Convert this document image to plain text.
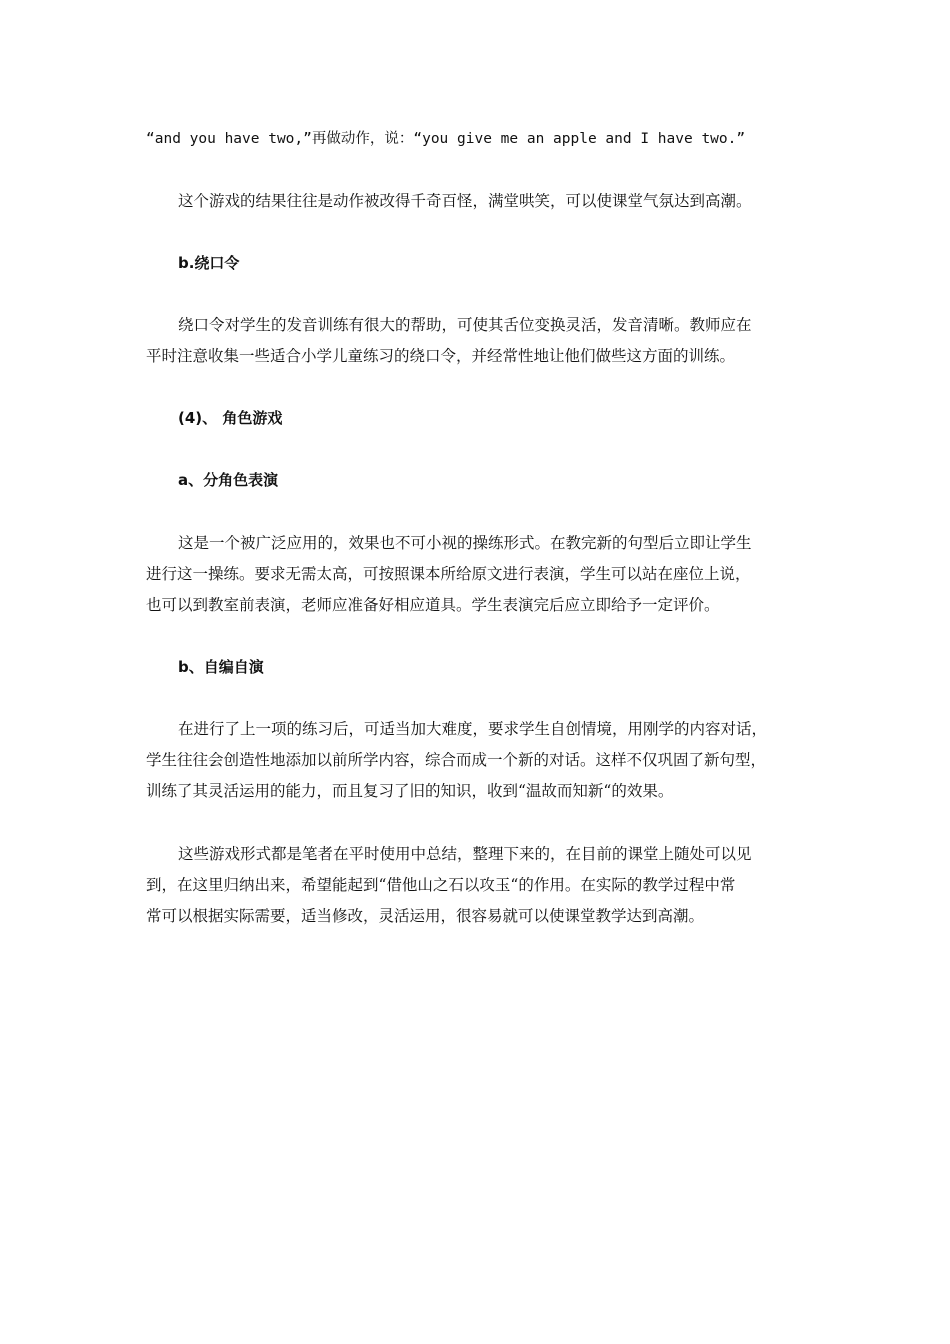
“and you have two,”再做动作，说：“you give me an apple and I have two.”
这个游戏的结果往往是动作被改得千奇百怪，满堂哄笑，可以使课堂气氛达到高潮。
b.绕口令
绕口令对学生的发音训练有很大的帮助，可使其舌位变换灵活，发音清晰。教师应在
平时注意收集一些适合小学儿童练习的绕口令，并经常性地让他们做些这方面的训练。
(4)、 角色游戏
a、分角色表演
这是一个被广泛应用的，效果也不可小视的操练形式。在教完新的句型后立即让学生
进行这一操练。要求无需太高，可按照课本所给原文进行表演，学生可以站在座位上说，
也可以到教室前表演，老师应准备好相应道具。学生表演完后应立即给予一定评价。
b、自编自演
在进行了上一项的练习后，可适当加大难度，要求学生自创情境，用刚学的内容对话，
学生往往会创造性地添加以前所学内容，综合而成一个新的对话。这样不仅巩固了新句型，
训练了其灵活运用的能力，而且复习了旧的知识，收到“温故而知新“的效果。
这些游戏形式都是笔者在平时使用中总结，整理下来的，在目前的课堂上随处可以见
到，在这里归纳出来，希望能起到“借他山之石以攻玉“的作用。在实际的教学过程中常
常可以根据实际需要，适当修改，灵活运用，很容易就可以使课堂教学达到高潮。
